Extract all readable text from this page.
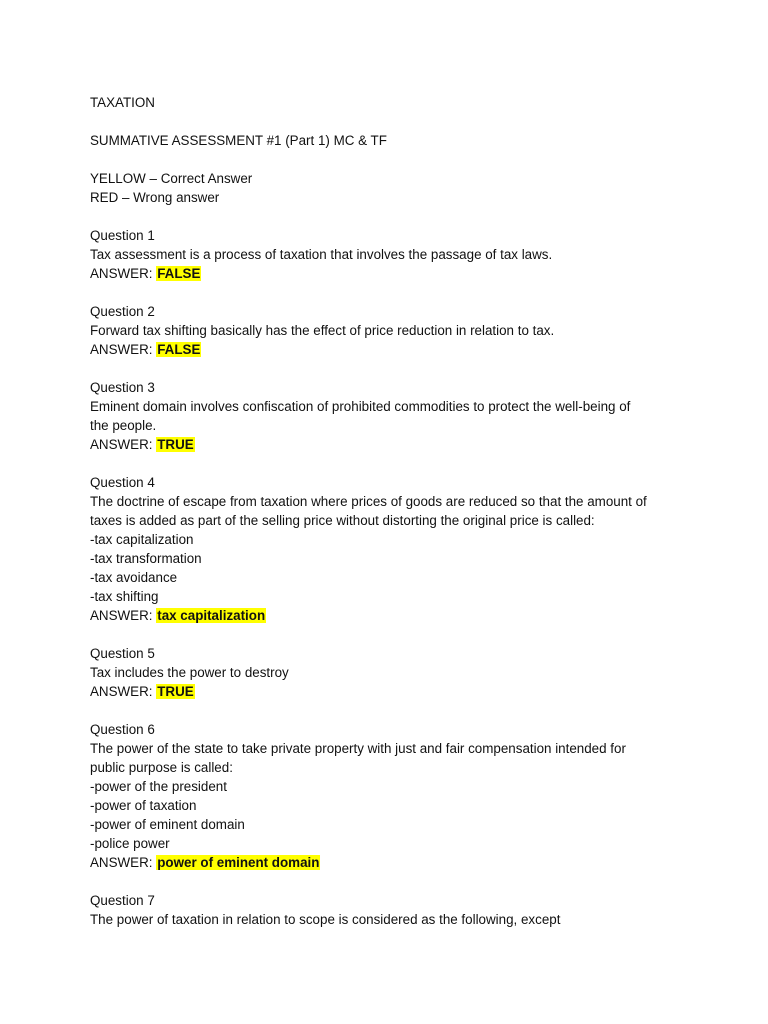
TAXATION
SUMMATIVE ASSESSMENT #1 (Part 1) MC & TF
YELLOW – Correct Answer
RED – Wrong answer
Question 1
Tax assessment is a process of taxation that involves the passage of tax laws.
ANSWER: FALSE
Question 2
Forward tax shifting basically has the effect of price reduction in relation to tax.
ANSWER: FALSE
Question 3
Eminent domain involves confiscation of prohibited commodities to protect the well-being of
the people.
ANSWER: TRUE
Question 4
The doctrine of escape from taxation where prices of goods are reduced so that the amount of
taxes is added as part of the selling price without distorting the original price is called:
-tax capitalization
-tax transformation
-tax avoidance
-tax shifting
ANSWER: tax capitalization
Question 5
Tax includes the power to destroy
ANSWER: TRUE
Question 6
The power of the state to take private property with just and fair compensation intended for
public purpose is called:
-power of the president
-power of taxation
-power of eminent domain
-police power
ANSWER: power of eminent domain
Question 7
The power of taxation in relation to scope is considered as the following, except
